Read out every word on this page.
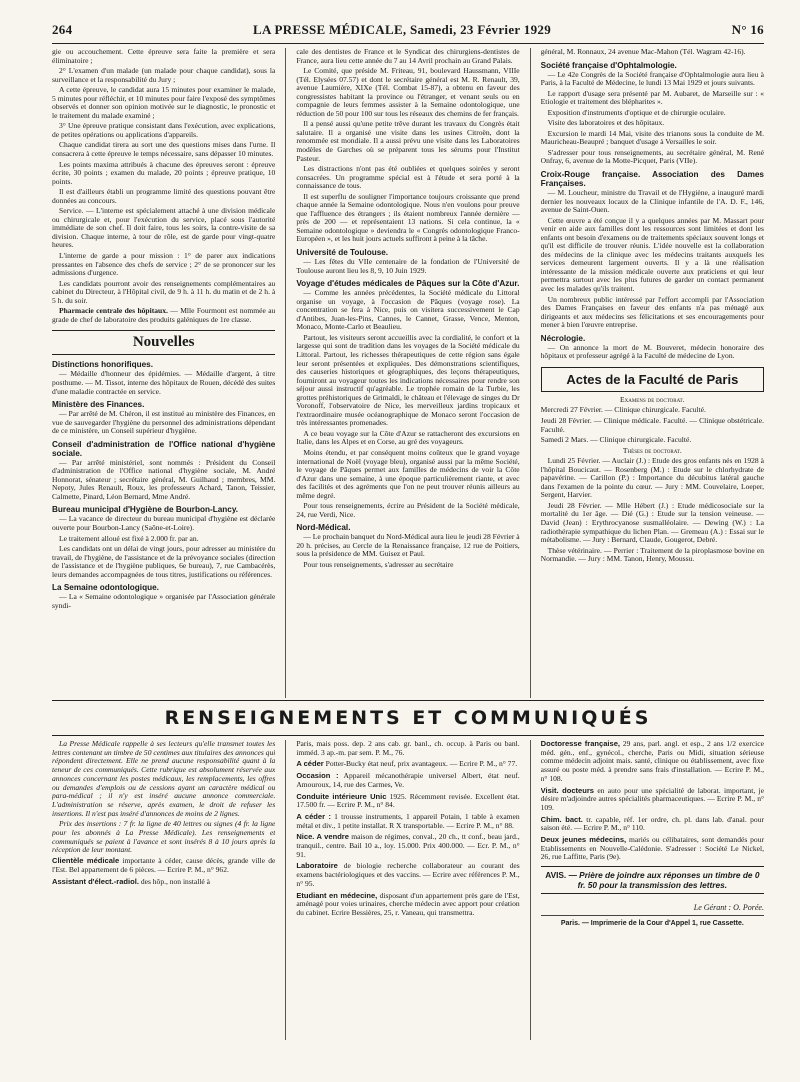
264	LA PRESSE MÉDICALE, Samedi, 23 Février 1929	N° 16

gie ou accouchement. Cette épreuve sera faite la première et sera éliminatoire ;

2° L'examen d'un malade (un malade pour chaque candidat), sous la surveillance et la responsabilité du Jury ;

A cette épreuve, le candidat aura 15 minutes pour examiner le malade, 5 minutes pour réfléchir, et 10 minutes pour faire l'exposé des symptômes observés et donner son opinion motivée sur le diagnostic, le pronostic et le traitement du malade examiné ;

3° Une épreuve pratique consistant dans l'exécution, avec explications, de petites opérations ou applications d'appareils.

Chaque candidat tirera au sort une des questions mises dans l'urne. Il consacrera à cette épreuve le temps nécessaire, sans dépasser 10 minutes.

Les points maxima attribués à chacune des épreuves seront : épreuve écrite, 30 points ; examen du malade, 20 points ; épreuve pratique, 10 points.

Il est d'ailleurs établi un programme limité des questions pouvant être données au concours.

Service. — L'interne est spécialement attaché à une division médicale ou chirurgicale et, pour l'exécution du service, placé sous l'autorité immédiate de son chef. Il doit faire, tous les soirs, la contre-visite de sa division. Chaque interne, à tour de rôle, est de garde pour vingt-quatre heures.

L'interne de garde a pour mission : 1° de parer aux indications pressantes en l'absence des chefs de service ; 2° de se prononcer sur les admissions d'urgence.

Les candidats pourront avoir des renseignements complémentaires au cabinet du Directeur, à l'Hôpital civil, de 9 h. à 11 h. du matin et de 2 h. à 5 h. du soir.

Pharmacie centrale des hôpitaux. — Mlle Fourmont est nommée au grade de chef de laboratoire des produits galéniques de 1re classe.

Nouvelles
Distinctions honorifiques.

— Médaille d'honneur des épidémies. — Médaille d'argent, à titre posthume. — M. Tissot, interne des hôpitaux de Rouen, décédé des suites d'une maladie contractée en service.

Ministère des Finances.

— Par arrêté de M. Chéron, il est institué au ministère des Finances, en vue de sauvegarder l'hygiène du personnel des administrations dépendant de ce ministère, un Conseil supérieur d'hygiène.

Conseil d'administration de l'Office national d'hygiène sociale.

— Par arrêté ministériel, sont nommés : Président du Conseil d'administration de l'Office national d'hygiène sociale, M. André Honnorat, sénateur ; secrétaire général, M. Guilhaud ; membres, MM. Nepoty, Jules Renault, Roux, les professeurs Achard, Tanon, Teissier, Calmette, Pinard, Léon Bernard, Mme André.

Bureau municipal d'Hygiène de Bourbon-Lancy.

— La vacance de directeur du bureau municipal d'hygiène est déclarée ouverte pour Bourbon-Lancy (Saône-et-Loire).

Le traitement alloué est fixé à 2.000 fr. par an.

Les candidats ont un délai de vingt jours, pour adresser au ministère du travail, de l'hygiène, de l'assistance et de la prévoyance sociales (direction de l'assistance et de l'hygiène publiques, 6e bureau), 7, rue Cambacérès, leurs demandes accompagnées de tous titres, justifications ou références.

La Semaine odontologique.

— La « Semaine odontologique » organisée par l'Association générale syndi-

cale des dentistes de France et le Syndicat des chirurgiens-dentistes de France, aura lieu cette année du 7 au 14 Avril prochain au Grand Palais.

Le Comité, que préside M. Friteau, 91, boulevard Haussmann, VIIIe (Tél. Elysées 07.57) et dont le secrétaire général est M. R. Renault, 39, avenue Laumière, XIXe (Tél. Combat 15-87), a obtenu en faveur des congressistes habitant la province ou l'étranger, et venant seuls ou en compagnie de leurs femmes assister à la Semaine odontologique, une réduction de 50 pour 100 sur tous les réseaux des chemins de fer français.

Il a pensé aussi qu'une petite trêve durant les travaux du Congrès était salutaire. Il a organisé une visite dans les usines Citroën, dont la renommée est mondiale. Il a aussi prévu une visite dans les Laboratoires modèles de Garches où se préparent tous les sérums pour l'Institut Pasteur.

Les distractions n'ont pas été oubliées et quelques soirées y seront consacrées. Un programme spécial est à l'étude et sera porté à la connaissance de tous.

Il est superflu de souligner l'importance toujours croissante que prend chaque année la Semaine odontologique. Nous n'en voulons pour preuve que l'affluence des étrangers ; ils étaient nombreux l'année dernière — près de 200 — et représentaient 13 nations. Si cela continue, la « Semaine odontologique » deviendra le « Congrès odontologique Franco-Européen », et les huit jours actuels suffiront à peine à la tâche.

Université de Toulouse.

— Les fêtes du VIIe centenaire de la fondation de l'Université de Toulouse auront lieu les 8, 9, 10 Juin 1929.

Voyage d'études médicales de Pâques sur la Côte d'Azur.

— Comme les années précédentes, la Société médicale du Littoral organise un voyage, à l'occasion de Pâques (voyage rose). La concentration se fera à Nice, puis on visitera successivement le Cap d'Antibes, Juan-les-Pins, Cannes, le Cannet, Grasse, Vence, Menton, Monaco, Monte-Carlo et Beaulieu.

Partout, les visiteurs seront accueillis avec la cordialité, le confort et la largesse qui sont de tradition dans les voyages de la Société médicale du Littoral. Partout, les richesses thérapeutiques de cette région sans égale leur seront présentées et expliquées. Des démonstrations scientifiques, des causeries historiques et géographiques, des leçons thérapeutiques, fourniront au voyageur toutes les indications nécessaires pour rendre son séjour aussi instructif qu'agréable. Le trophée romain de la Turbie, les grottes préhistoriques de Grimaldi, le château et l'élevage de singes du Dr Voronoff, l'observatoire de Nice, les merveilleux jardins tropicaux et l'extraordinaire musée océanographique de Monaco seront l'occasion de très intéressantes promenades.

A ce beau voyage sur la Côte d'Azur se rattacheront des excursions en Italie, dans les Alpes et en Corse, au gré des voyageurs.

Moins étendu, et par conséquent moins coûteux que le grand voyage international de Noël (voyage bleu), organisé aussi par la même Société, le voyage de Pâques permet aux familles de médecins de voir la Côte d'Azur dans une semaine, à une époque particulièrement riante, et avec des facilités et des agréments que l'on ne peut trouver réunis ailleurs au même degré.

Pour tous renseignements, écrire au Président de la Société médicale, 24, rue Verdi, Nice.

Nord-Médical.

— Le prochain banquet du Nord-Médical aura lieu le jeudi 28 Février à 20 h. précises, au Cercle de la Renaissance française, 12 rue de Poitiers, sous la présidence de MM. Guisez et Paul.

Pour tous renseignements, s'adresser au secrétaire

général, M. Ronnaux, 24 avenue Mac-Mahon (Tél. Wagram 42-16).

Société française d'Ophtalmologie.

— Le 42e Congrès de la Société française d'Ophtalmologie aura lieu à Paris, à la Faculté de Médecine, le lundi 13 Mai 1929 et jours suivants.

Le rapport d'usage sera présenté par M. Aubaret, de Marseille sur : « Etiologie et traitement des blépharites ».

Exposition d'instruments d'optique et de chirurgie oculaire.

Visite des laboratoires et des hôpitaux.

Excursion le mardi 14 Mai, visite des trianons sous la conduite de M. Mauricheau-Beaupré ; banquet d'usage à Versailles le soir.

S'adresser pour tous renseignements, au secrétaire général, M. René Onfray, 6, avenue de la Motte-Picquet, Paris (VIIe).

Croix-Rouge française. Association des Dames Françaises.

— M. Loucheur, ministre du Travail et de l'Hygiène, a inauguré mardi dernier les nouveaux locaux de la Clinique infantile de l'A. D. F., 146, avenue de Saint-Ouen.

Cette œuvre a été conçue il y a quelques années par M. Massart pour venir en aide aux familles dont les ressources sont limitées et dont les enfants ont besoin d'examens ou de traitements spéciaux souvent longs et qu'il est difficile de trouver réunis. L'idée nouvelle est la collaboration des médecins de la clinique avec les médecins traitants auxquels les services demeurent largement ouverts. Il y a là une réalisation intéressante de la mission médicale ouverte aux praticiens et qui leur permettra surtout avec les plus futures de garder un contact permanent avec les malades qu'ils traitent.

Un nombreux public intéressé par l'effort accompli par l'Association des Dames Françaises en faveur des enfants n'a pas ménagé aux dirigeants et aux médecins ses félicitations et ses encouragements pour mener à bien l'œuvre entreprise.

Nécrologie.

— On annonce la mort de M. Bouveret, médecin honoraire des hôpitaux et professeur agrégé à la Faculté de médecine de Lyon.

Actes de la Faculté de Paris

Examens de doctorat.

Mercredi 27 Février. — Clinique chirurgicale. Faculté.

Jeudi 28 Février. — Clinique médicale. Faculté. — Clinique obstétricale. Faculté.

Samedi 2 Mars. — Clinique chirurgicale. Faculté.

Thèses de doctorat.

Lundi 25 Février. — Auclair (J.) : Etude des gros enfants nés en 1928 à l'hôpital Boucicaut. — Rosenberg (M.) : Etude sur le chlorhydrate de papavérine. — Carillon (P.) : Importance du décubitus latéral gauche dans l'examen de la pointe du cœur. — Jury : MM. Couvelaire, Loeper, Sergent, Harvier.

Jeudi 28 Février. — Mlle Hébert (J.) : Etude médicosociale sur la mortalité du 1er âge. — Dié (G.) : Etude sur la tension veineuse. — David (Jean) : Erythrocyanose susmalléolaire. — Dewing (W.) : La radiothérapie sympathique du lichen Plan. — Gremeau (A.) : Essai sur le métabolisme. — Jury : Bernard, Claude, Gougerot, Debré.

Thèse vétérinaire. — Perrier : Traitement de la piroplasmose bovine en Normandie. — Jury : MM. Tanon, Henry, Moussu.

RENSEIGNEMENTS ET COMMUNIQUÉS

La Presse Médicale rappelle à ses lecteurs qu'elle transmet toutes les lettres contenant un timbre de 50 centimes aux titulaires des annonces qui répondent directement. Elle ne prend aucune responsabilité quant à la teneur de ces communiqués. Cette rubrique est absolument réservée aux annonces concernant les postes médicaux, les remplacements, les offres ou demandes d'emplois ou de cessions ayant un caractère médical ou para-médical ; il n'y est inséré aucune annonce commerciale. L'administration se réserve, après examen, le droit de refuser les insertions. Il n'est pas inséré d'annonces de moins de 2 lignes.

Prix des insertions : 7 fr. la ligne de 40 lettres ou signes (4 fr. la ligne pour les abonnés à La Presse Médicale). Les renseignements et communiqués se paient à l'avance et sont insérés 8 à 10 jours après la réception de leur montant.

Clientèle médicale importante à céder, cause décès, grande ville de l'Est. Bel appartement de 6 pièces. — Ecrire P. M., n° 962.

Assistant d'élect.-radiol. des hôp., non installé à

Paris, mais poss. dep. 2 ans cab. gr. banl., ch. occup. à Paris ou banl. imméd. 3 ap.-m. par sem. P. M., 76.

A céder Potter-Bucky état neuf, prix avantageux. — Ecrire P. M., n° 77.

Occasion : Appareil mécanothérapie universel Albert, état neuf. Amouroux, 14, rue des Carmes, Ve.

Conduite intérieure Unic 1925. Récemment revisée. Excellent état. 17.500 fr. — Ecrire P. M., n° 84.

A céder : 1 trousse instruments, 1 appareil Potain, 1 table à examen métal et div., 1 petite installat. R X transportable. — Ecrire P. M., n° 88.

Nice. A vendre maison de régimes, conval., 20 ch., tt conf., beau jard., tranquil., centre. Bail 10 a., loy. 15.000. Prix 400.000. — Ecr. P. M., n° 91.

Laboratoire de biologie recherche collaborateur au courant des examens bactériologiques et des vaccins. — Ecrire avec références P. M., n° 95.

Etudiant en médecine, disposant d'un appartement près gare de l'Est, aménagé pour voies urinaires, cherche médecin avec apport pour création du cabinet. Ecrire Bessières, 25, r. Vaneau, qui transmettra.

Doctoresse française, 29 ans, parl. angl. et esp., 2 ans 1/2 exercice méd. gén., enf., gynécol., cherche, Paris ou Midi, situation sérieuse comme médecin adjoint mais. santé, clinique ou établissement, avec fixe assuré ou poste méd. à prendre sans frais d'installation. — Ecrire P. M., n° 108.

Visit. docteurs en auto pour une spécialité de laborat. important, je désire m'adjoindre autres spécialités pharmaceutiques. — Ecrire P. M., n° 109.

Chim. bact. tr. capable, réf. 1er ordre, ch. pl. dans lab. d'anal. pour saison été. — Ecrire P. M., n° 110.

Deux jeunes médecins, mariés ou célibataires, sont demandés pour Etablissements en Nouvelle-Calédonie. S'adresser : Société Le Nickel, 26, rue Laffitte, Paris (9e).

AVIS. — Prière de joindre aux réponses un timbre de 0 fr. 50 pour la transmission des lettres.
Le Gérant : O. Porée.
Paris. — Imprimerie de la Cour d'Appel 1, rue Cassette.
